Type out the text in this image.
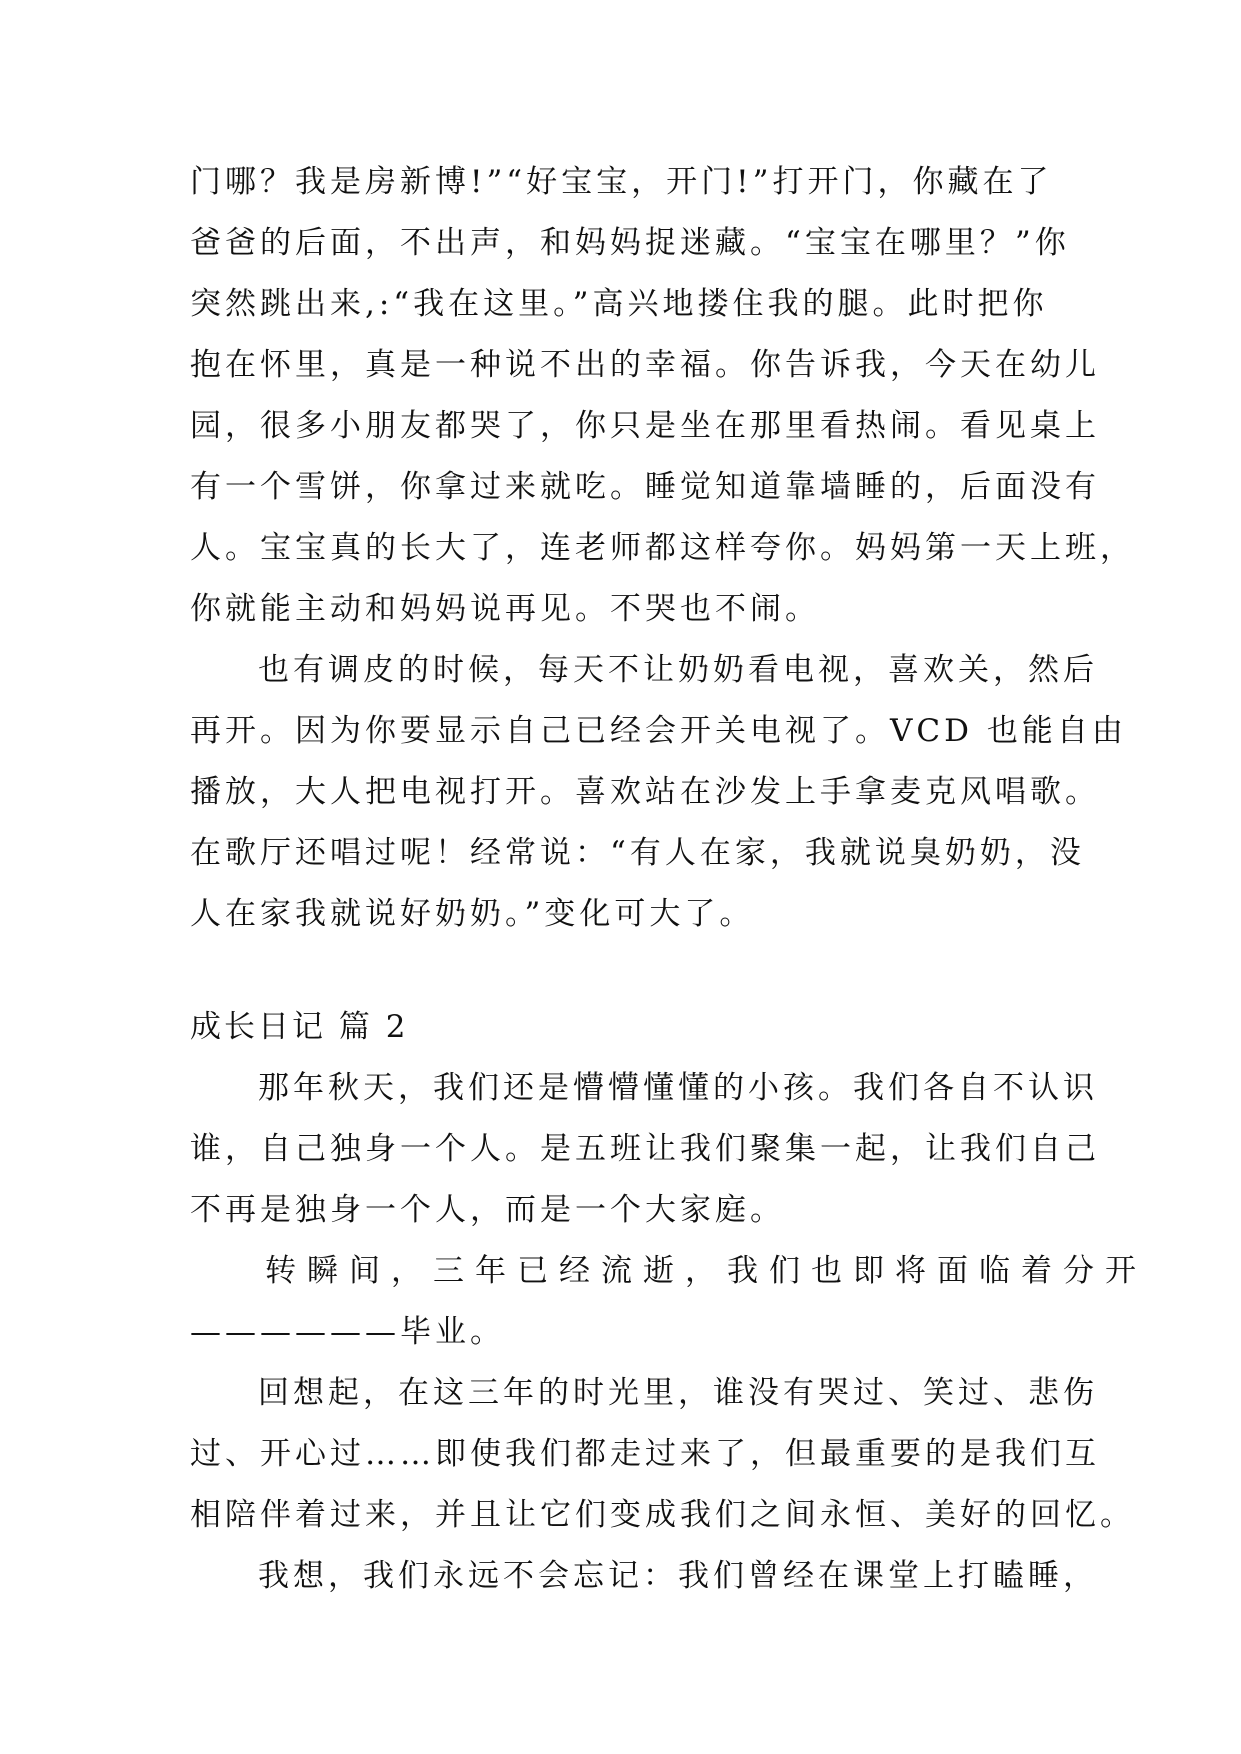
门哪？我是房新博!”“好宝宝，开门!”打开门，你藏在了
爸爸的后面，不出声，和妈妈捉迷藏。“宝宝在哪里？”你
突然跳出来,:“我在这里。”高兴地搂住我的腿。此时把你
抱在怀里，真是一种说不出的幸福。你告诉我，今天在幼儿
园，很多小朋友都哭了，你只是坐在那里看热闹。看见桌上
有一个雪饼，你拿过来就吃。睡觉知道靠墙睡的，后面没有
人。宝宝真的长大了，连老师都这样夸你。妈妈第一天上班，
你就能主动和妈妈说再见。不哭也不闹。
也有调皮的时候，每天不让奶奶看电视，喜欢关，然后
再开。因为你要显示自己已经会开关电视了。VCD 也能自由
播放，大人把电视打开。喜欢站在沙发上手拿麦克风唱歌。
在歌厅还唱过呢！经常说：“有人在家，我就说臭奶奶，没
人在家我就说好奶奶。”变化可大了。
成长日记 篇 2
那年秋天，我们还是懵懵懂懂的小孩。我们各自不认识
谁，自己独身一个人。是五班让我们聚集一起，让我们自己
不再是独身一个人，而是一个大家庭。
转瞬间，三年已经流逝，我们也即将面临着分开
——————毕业。
回想起，在这三年的时光里，谁没有哭过、笑过、悲伤
过、开心过……即使我们都走过来了，但最重要的是我们互
相陪伴着过来，并且让它们变成我们之间永恒、美好的回忆。
我想，我们永远不会忘记：我们曾经在课堂上打瞌睡，
